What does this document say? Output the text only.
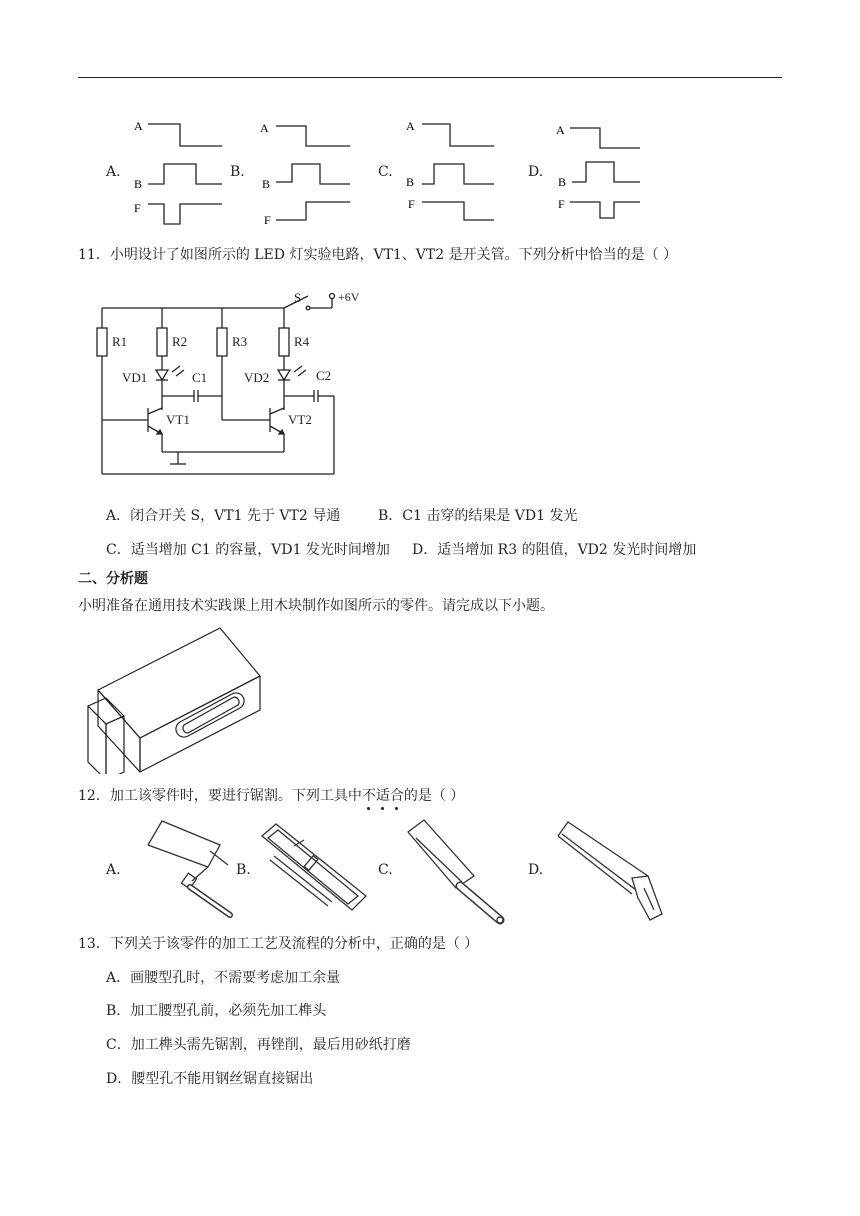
A.
A
B
F
B.
A
B
F
C.
A
B
F
D.
A
B
F
11．小明设计了如图所示的 LED 灯实验电路，VT1、VT2 是开关管。下列分析中恰当的是（ ）
S	+6V
R1	R2	R3	R4
VD1	VD2
C1	C2
VT1	VT2
A．闭合开关 S，VT1 先于 VT2 导通	B．C1 击穿的结果是 VD1 发光
C．适当增加 C1 的容量，VD1 发光时间增加 D．适当增加 R3 的阻值，VD2 发光时间增加
二、分析题
小明准备在通用技术实践课上用木块制作如图所示的零件。请完成以下小题。
12．加工该零件时，要进行锯割。下列工具中不适合的是（ ）
A.	B.	C.	D.
13．下列关于该零件的加工工艺及流程的分析中，正确的是（ ）
A．画腰型孔时，不需要考虑加工余量
B．加工腰型孔前，必须先加工榫头
C．加工榫头需先锯割，再锉削，最后用砂纸打磨
D．腰型孔不能用钢丝锯直接锯出
